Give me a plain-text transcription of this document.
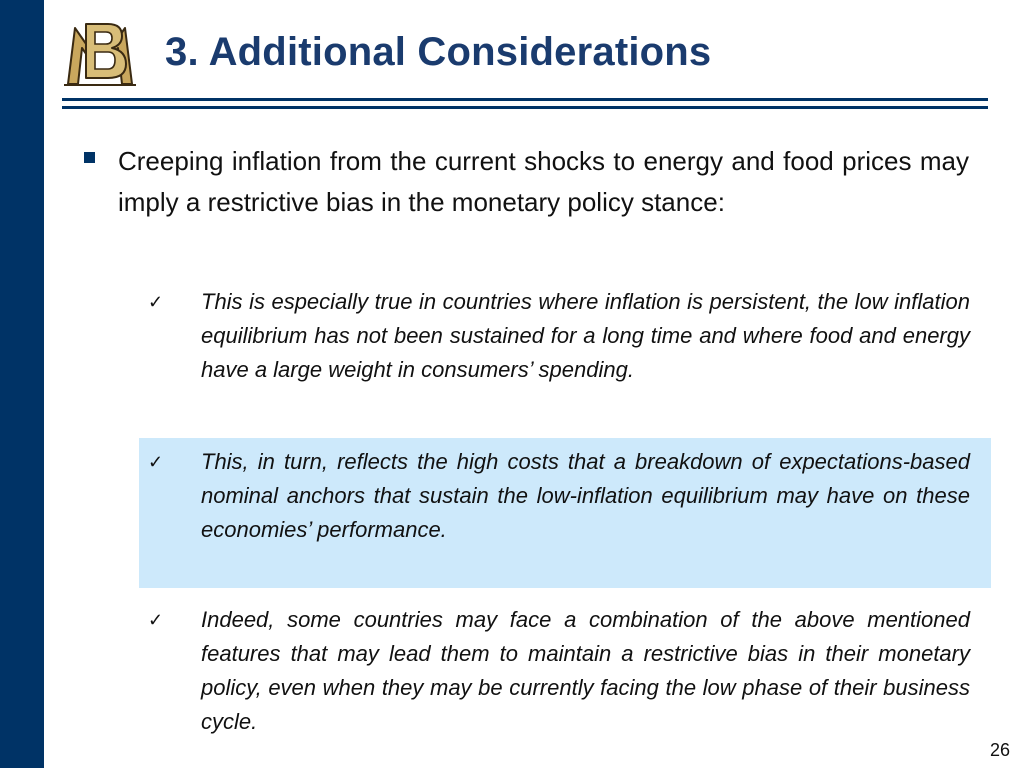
3. Additional Considerations

Creeping inflation from the current shocks to energy and food prices may imply a restrictive bias in the monetary policy stance:

✓	This is especially true in countries where inflation is persistent, the low inflation equilibrium has not been sustained for a long time and where food and energy have a large weight in consumers’ spending.

✓	This, in turn, reflects the high costs that a breakdown of expectations-based nominal anchors that sustain the low-inflation equilibrium may have on these economies’ performance.

✓	Indeed, some countries may face a combination of the above mentioned features that may lead them to maintain a restrictive bias in their monetary policy, even when they may be currently facing the low phase of their business cycle.

26
